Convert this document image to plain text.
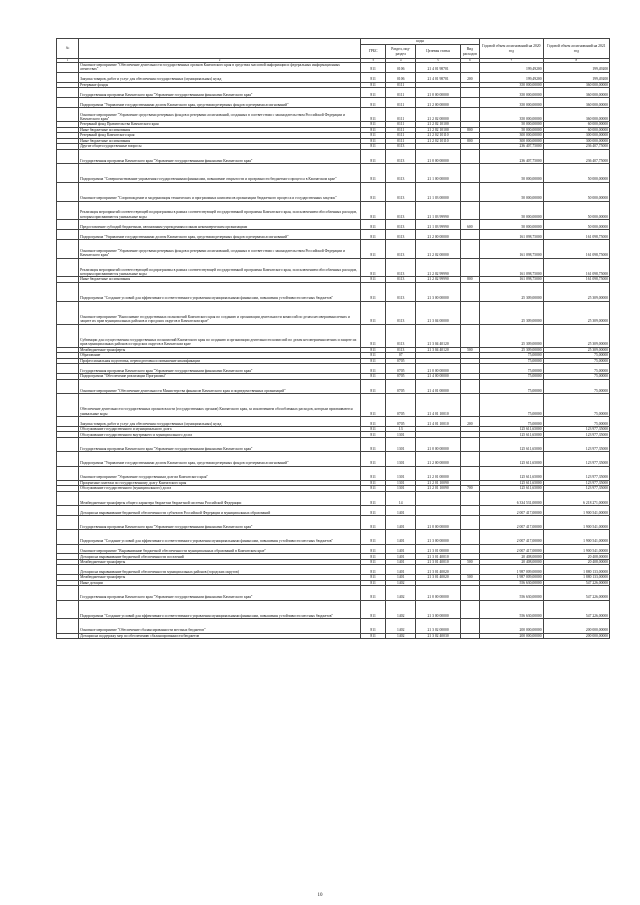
№		коды				Годовой объем ассигнований на 2020 год	Годовой объем ассигнований на 2021 год
		ГРБС	Раздел, под-раздел	Целевая статья	Вид расходов		
1	2	3	4	5	6	7	8
	Основное мероприятие "Обеспечение деятельности государственных органов Камчатского края в средствах массовой информации и федеральных информационных агентствах"	811	0106	21 4 01 98701		199,49200	199,49200
	Закупка товаров, работ и услуг для обеспечения государственных (муниципальных) нужд	811	0106	21 4 01 98701	200	199,49200	199,49200
	Резервные фонды	811	0111			350 000,00000	360 000,00000
	Государственная программа Камчатского края "Управление государственными финансами Камчатского края"	811	0111	21 0 00 00000		350 000,00000	360 000,00000
	Подпрограмма "Управление государственными долгом Камчатского края, средствами резервных фондов и резервами ассигнований"	811	0111	21 2 00 00000		350 000,00000	360 000,00000
	Основное мероприятие "Управление средствами резервных фондов и резервами ассигнований, созданных в соответствии с законодательством Российской Федерации и Камчатского края"	811	0111	21 2 02 00000		350 000,00000	360 000,00000
	Резервный фонд Правительства Камчатского края	811	0111	21 2 02 10100		50 000,00000	60 000,00000
	Иные бюджетные ассигнования	811	0111	21 2 02 10100	800	50 000,00000	60 000,00000
	Резервный фонд Камчатского края	811	0111	21 2 02 10110		300 000,00000	300 000,00000
	Иные бюджетные ассигнования	811	0111	21 2 02 10110	800	300 000,00000	300 000,00000
	Другие общегосударственные вопросы	811	0113			236 407,75000	236 407,75000
	Государственная программа Камчатского края "Управление государственными финансами Камчатского края"	811	0113	21 0 00 00000		236 407,75000	236 407,75000
	Подпрограмма "Совершенствование управления государственными финансами, повышение открытости и прозрачности бюджетного процесса в Камчатском крае"	811	0113	21 1 00 00000		50 000,00000	50 000,00000
	Основное мероприятие "Сопровождение и модернизация технических и программных комплексов организации бюджетного процесса и государственных закупок"	811	0113	21 1 03 00000		50 000,00000	50 000,00000
	Реализация мероприятий соответствующей подпрограммы в рамках соответствующей государственной программы Камчатского края, за исключением обособленных расходов, которым присваиваются уникальные коды	811	0113	21 1 03 99990		50 000,00000	50 000,00000
	Предоставление субсидий бюджетным, автономным учреждениям и иным некоммерческим организациям	811	0113	21 1 03 99990	600	50 000,00000	50 000,00000
	Подпрограмма "Управление государственными долгом Камчатского края, средствами резервных фондов и резервами ассигнований"	811	0113	21 2 00 00000		161 098,75000	161 098,75000
	Основное мероприятие "Управление средствами резервных фондов и резервами ассигнований, созданных в соответствии с законодательством Российской Федерации и Камчатского края"	811	0113	21 2 02 00000		161 098,75000	161 098,75000
	Реализация мероприятий соответствующей подпрограммы в рамках соответствующей государственной программы Камчатского края, за исключением обособленных расходов, которым присваиваются уникальные коды	811	0113	21 2 02 99990		161 098,75000	161 098,75000
	Иные бюджетные ассигнования	811	0113	21 2 02 99990	800	161 098,75000	161 098,75000
	Подпрограмма "Создание условий для эффективного и ответственного управления муниципальными финансами, повышения устойчивости местных бюджетов"	811	0113	21 3 00 00000		25 309,00000	25 309,00000
	Основное мероприятие "Выполнение государственных полномочий Камчатского края по созданию и организации деятельности комиссий по делам несовершеннолетних и защите их прав муниципальных районов и городских округов в Камчатском крае"	811	0113	21 3 04 00000		25 309,00000	25 309,00000
	Субвенции для осуществления государственных полномочий Камчатского края по созданию и организации деятельности комиссий по делам несовершеннолетних и защите их прав муниципальных районов и городских округов в Камчатском крае	811	0113	21 3 04 40120		25 309,00000	25 309,00000
	Межбюджетные трансферты	811	0113	21 3 04 40120	500	25 309,00000	25 309,00000
	Образование	811	07			75,00000	75,00000
	Профессиональная подготовка, переподготовка и повышение квалификации	811	0705			75,00000	75,00000
	Государственная программа Камчатского края "Управление государственными финансами Камчатского края"	811	0705	21 0 00 00000		75,00000	75,00000
	Подпрограмма "Обеспечение реализации Программы"	811	0705	21 4 00 00000		75,00000	75,00000
	Основное мероприятие "Обеспечение деятельности Министерства финансов Камчатского края и подведомственных организаций"	811	0705	21 4 01 00000		75,00000	75,00000
	Обеспечение деятельности государственных органов власти (государственных органов) Камчатского края, за исключением обособленных расходов, которым присваиваются уникальные коды	811	0705	21 4 01 10010		75,00000	75,00000
	Закупка товаров, работ и услуг для обеспечения государственных (муниципальных) нужд	811	0705	21 4 01 10010	200	75,00000	75,00000
	Обслуживание государственного и муниципального долга	811	13			125 611,65000	123 977,35000
	Обслуживание государственного внутреннего и муниципального долга	811	1301			125 611,65000	123 977,35000
	Государственная программа Камчатского края "Управление государственными финансами Камчатского края"	811	1301	21 0 00 00000		125 611,65000	123 977,35000
	Подпрограмма "Управление государственными долгом Камчатского края, средствами резервных фондов и резервами ассигнований"	811	1301	21 2 00 00000		125 611,65000	123 977,35000
	Основное мероприятие "Управление государственным долгом Камчатского края"	811	1301	21 2 01 00000		125 611,65000	123 977,35000
	Процентные платежи по государственному долгу Камчатского края	811	1301	21 2 01 10090		125 611,65000	123 977,35000
	Обслуживание государственного (муниципального) долга	811	1301	21 2 01 10090	700	125 611,65000	123 977,35000
	Межбюджетные трансферты общего характера бюджетам бюджетной системы Российской Федерации	811	14			6 334 531,00000	6 218 271,00000
	Дотации на выравнивание бюджетной обеспеченности субъектов Российской Федерации и муниципальных образований	811	1401			2 007 417,00000	1 900 541,00000
	Государственная программа Камчатского края "Управление государственными финансами Камчатского края"	811	1401	21 0 00 00000		2 007 417,00000	1 900 541,00000
	Подпрограмма "Создание условий для эффективного и ответственного управления муниципальными финансами, повышения устойчивости местных бюджетов"	811	1401	21 3 00 00000		2 007 417,00000	1 900 541,00000
	Основное мероприятие "Выравнивание бюджетной обеспеченности муниципальных образований в Камчатском крае"	811	1401	21 3 01 00000		2 007 417,00000	1 900 541,00000
	Дотации на выравнивание бюджетной обеспеченности поселений	811	1401	21 3 01 40010		20 408,00000	20 408,00000
	Межбюджетные трансферты	811	1401	21 3 01 40010	500	20 408,00000	20 408,00000
	Дотации на выравнивание бюджетной обеспеченности муниципальных районов (городских округов)	811	1401	21 3 01 40020		1 987 009,00000	1 880 133,00000
	Межбюджетные трансферты	811	1401	21 3 01 40020	500	1 987 009,00000	1 880 133,00000
	Иные дотации	811	1402			556 630,00000	547 226,00000
	Государственная программа Камчатского края "Управление государственными финансами Камчатского края"	811	1402	21 0 00 00000		556 630,00000	547 226,00000
	Подпрограмма "Создание условий для эффективного и ответственного управления муниципальными финансами, повышения устойчивости местных бюджетов"	811	1402	21 3 00 00000		556 630,00000	547 226,00000
	Основное мероприятие "Обеспечение сбалансированности местных бюджетов"	811	1402	21 3 02 00000		200 000,00000	200 000,00000
	Дотации на поддержку мер по обеспечению сбалансированности бюджетов	811	1402	21 3 02 40030		200 000,00000	200 000,00000
10
